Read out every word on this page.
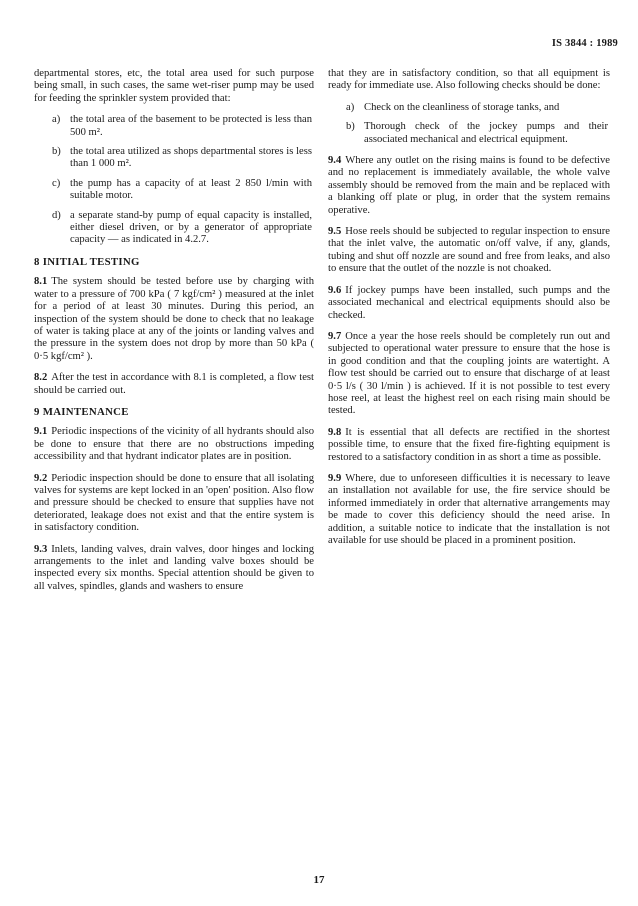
IS 3844 : 1989

departmental stores, etc, the total area used for such purpose being small, in such cases, the same wet-riser pump may be used for feeding the sprinkler system provided that:

a) the total area of the basement to be protected is less than 500 m².
b) the total area utilized as shops departmental stores is less than 1 000 m².
c) the pump has a capacity of at least 2 850 l/min with suitable motor.
d) a separate stand-by pump of equal capacity is installed, either diesel driven, or by a generator of appropriate capacity — as indicated in 4.2.7.
8 INITIAL TESTING

8.1 The system should be tested before use by charging with water to a pressure of 700 kPa ( 7 kgf/cm² ) measured at the inlet for a period of at least 30 minutes. During this period, an inspection of the system should be done to check that no leakage of water is taking place at any of the joints or landing valves and the pressure in the system does not drop by more than 50 kPa ( 0·5 kgf/cm² ).

8.2 After the test in accordance with 8.1 is completed, a flow test should be carried out.

9 MAINTENANCE

9.1 Periodic inspections of the vicinity of all hydrants should also be done to ensure that there are no obstructions impeding accessibility and that hydrant indicator plates are in position.

9.2 Periodic inspection should be done to ensure that all isolating valves for systems are kept locked in an 'open' position. Also flow and pressure should be checked to ensure that supplies have not deteriorated, leakage does not exist and that the entire system is in satisfactory condition.

9.3 Inlets, landing valves, drain valves, door hinges and locking arrangements to the inlet and landing valve boxes should be inspected every six months. Special attention should be given to all valves, spindles, glands and washers to ensure

that they are in satisfactory condition, so that all equipment is ready for immediate use. Also following checks should be done:

a) Check on the cleanliness of storage tanks, and
b) Thorough check of the jockey pumps and their associated mechanical and electrical equipment.

9.4 Where any outlet on the rising mains is found to be defective and no replacement is immediately available, the whole valve assembly should be removed from the main and be replaced with a blanking off plate or plug, in order that the system remains operative.

9.5 Hose reels should be subjected to regular inspection to ensure that the inlet valve, the automatic on/off valve, if any, glands, tubing and shut off nozzle are sound and free from leaks, and also to ensure that the outlet of the nozzle is not choaked.

9.6 If jockey pumps have been installed, such pumps and the associated mechanical and electrical equipments should also be checked.

9.7 Once a year the hose reels should be completely run out and subjected to operational water pressure to ensure that the hose is in good condition and that the coupling joints are watertight. A flow test should be carried out to ensure that discharge of at least 0·5 l/s ( 30 l/min ) is achieved. If it is not possible to test every hose reel, at least the highest reel on each rising main should be tested.

9.8 It is essential that all defects are rectified in the shortest possible time, to ensure that the fixed fire-fighting equipment is restored to a satisfactory condition in as short a time as possible.

9.9 Where, due to unforeseen difficulties it is necessary to leave an installation not available for use, the fire service should be informed immediately in order that alternative arrangements may be made to cover this deficiency should the need arise. In addition, a suitable notice to indicate that the installation is not available for use should be placed in a prominent position.

17
